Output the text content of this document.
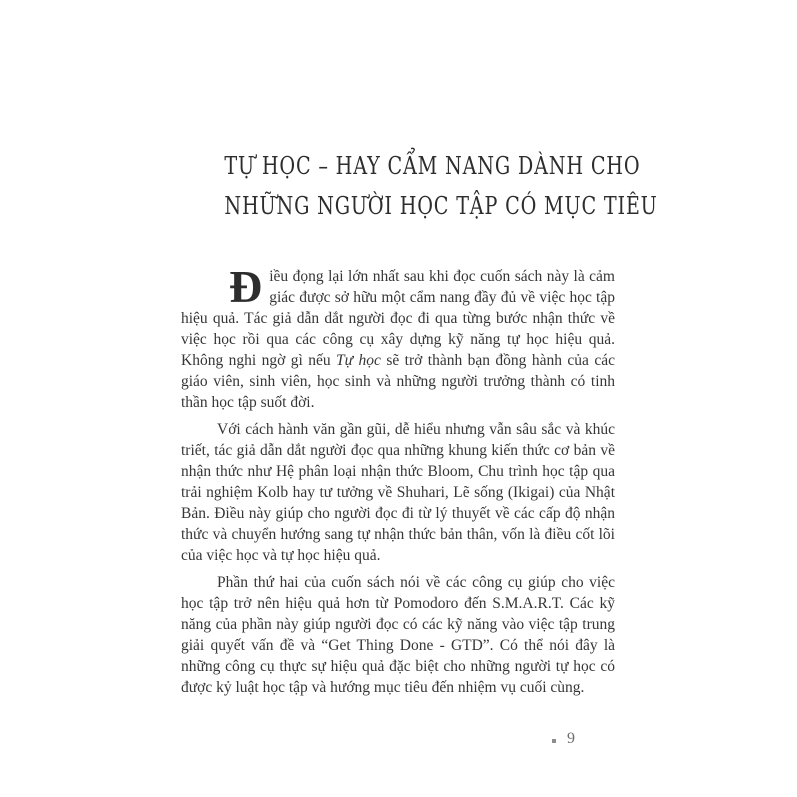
TỰ HỌC – HAY CẨM NANG DÀNH CHO
NHỮNG NGƯỜI HỌC TẬP CÓ MỤC TIÊU

Điều đọng lại lớn nhất sau khi đọc cuốn sách này là cảm giác được sở hữu một cẩm nang đầy đủ về việc học tập hiệu quả. Tác giả dẫn dắt người đọc đi qua từng bước nhận thức về việc học rồi qua các công cụ xây dựng kỹ năng tự học hiệu quả. Không nghi ngờ gì nếu Tự học sẽ trở thành bạn đồng hành của các giáo viên, sinh viên, học sinh và những người trưởng thành có tinh thần học tập suốt đời.

Với cách hành văn gần gũi, dễ hiểu nhưng vẫn sâu sắc và khúc triết, tác giả dẫn dắt người đọc qua những khung kiến thức cơ bản về nhận thức như Hệ phân loại nhận thức Bloom, Chu trình học tập qua trải nghiệm Kolb hay tư tưởng về Shuhari, Lẽ sống (Ikigai) của Nhật Bản. Điều này giúp cho người đọc đi từ lý thuyết về các cấp độ nhận thức và chuyển hướng sang tự nhận thức bản thân, vốn là điều cốt lõi của việc học và tự học hiệu quả.

Phần thứ hai của cuốn sách nói về các công cụ giúp cho việc học tập trở nên hiệu quả hơn từ Pomodoro đến S.M.A.R.T. Các kỹ năng của phần này giúp người đọc có các kỹ năng vào việc tập trung giải quyết vấn đề và “Get Thing Done - GTD”. Có thể nói đây là những công cụ thực sự hiệu quả đặc biệt cho những người tự học có được kỷ luật học tập và hướng mục tiêu đến nhiệm vụ cuối cùng.

9
